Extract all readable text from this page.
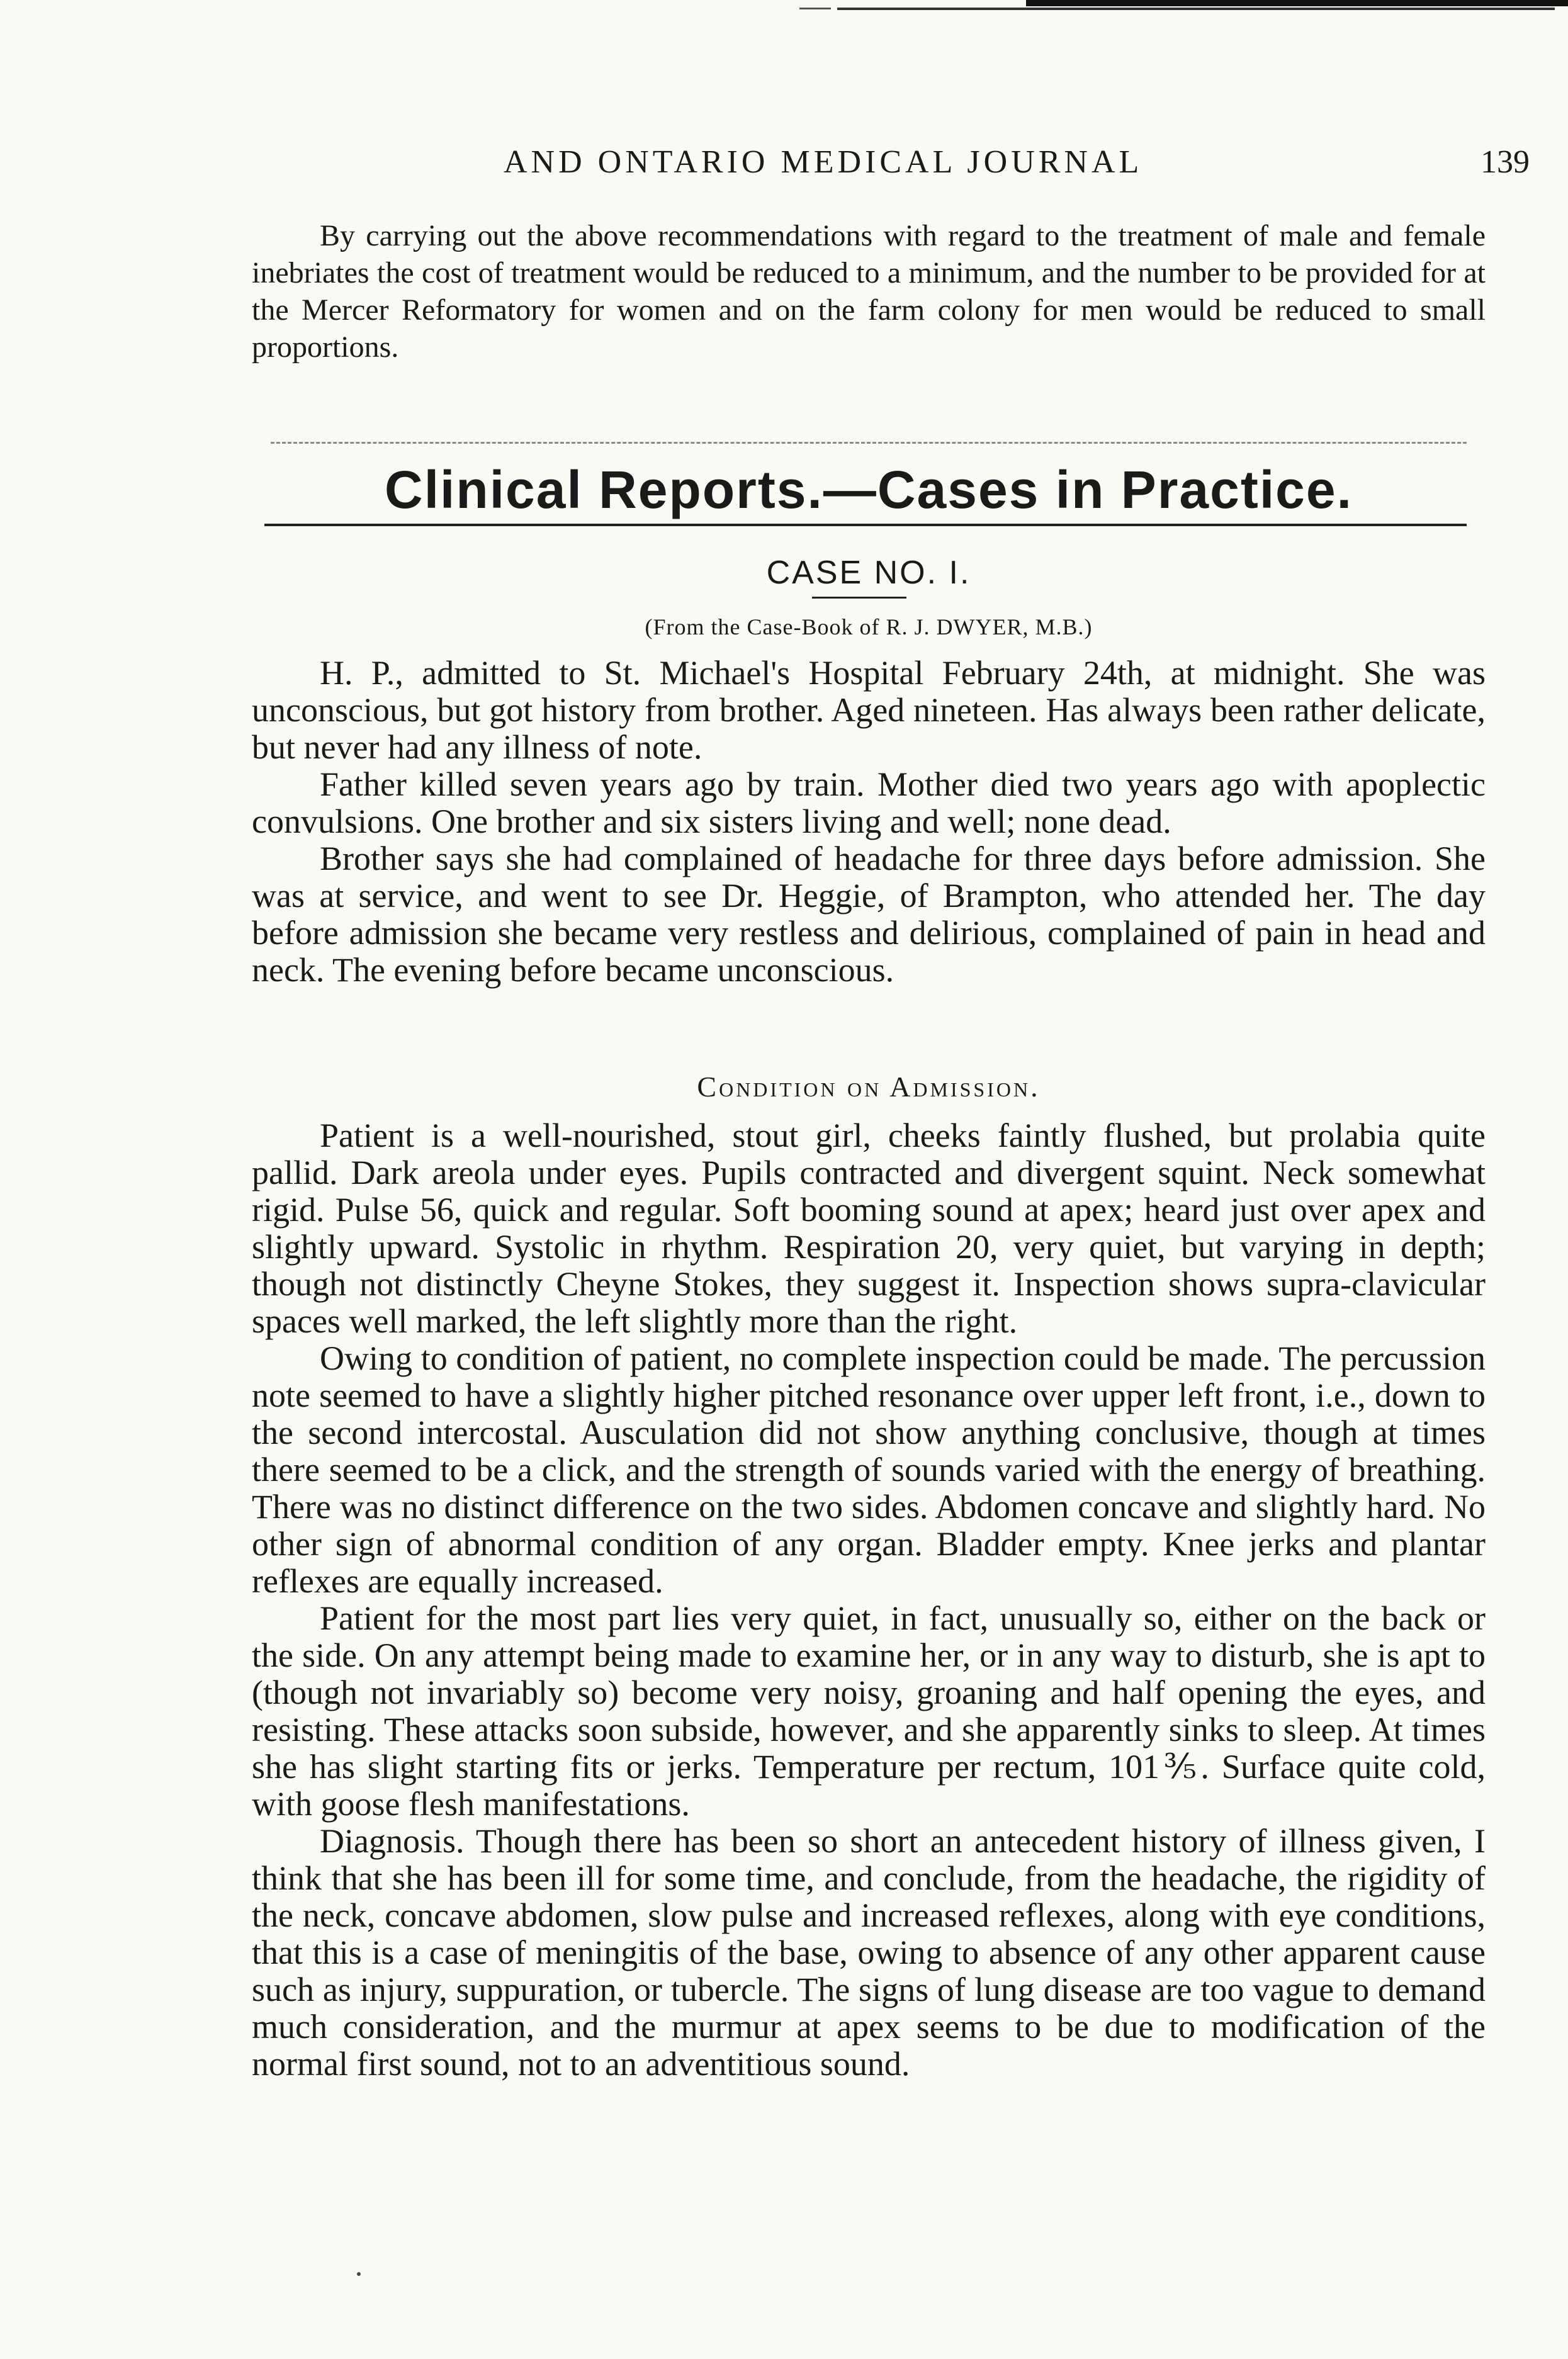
AND ONTARIO MEDICAL JOURNAL	139

By carrying out the above recommendations with regard to the treatment of male and female inebriates the cost of treatment would be reduced to a minimum, and the number to be provided for at the Mercer Reformatory for women and on the farm colony for men would be reduced to small proportions.

Clinical Reports.—Cases in Practice.
CASE NO. I.
(From the Case-Book of R. J. DWYER, M.B.)

H. P., admitted to St. Michael's Hospital February 24th, at midnight. She was unconscious, but got history from brother. Aged nineteen. Has always been rather delicate, but never had any illness of note.

Father killed seven years ago by train. Mother died two years ago with apoplectic convulsions. One brother and six sisters living and well; none dead.

Brother says she had complained of headache for three days before admission. She was at service, and went to see Dr. Heggie, of Brampton, who attended her. The day before admission she became very restless and delirious, complained of pain in head and neck. The evening before became unconscious.

Condition on Admission.

Patient is a well-nourished, stout girl, cheeks faintly flushed, but prolabia quite pallid. Dark areola under eyes. Pupils contracted and divergent squint. Neck somewhat rigid. Pulse 56, quick and regular. Soft booming sound at apex; heard just over apex and slightly upward. Systolic in rhythm. Respiration 20, very quiet, but varying in depth; though not distinctly Cheyne Stokes, they suggest it. Inspection shows supra-clavicular spaces well marked, the left slightly more than the right.

Owing to condition of patient, no complete inspection could be made. The percussion note seemed to have a slightly higher pitched resonance over upper left front, i.e., down to the second intercostal. Ausculation did not show anything conclusive, though at times there seemed to be a click, and the strength of sounds varied with the energy of breathing. There was no distinct difference on the two sides. Abdomen concave and slightly hard. No other sign of abnormal condition of any organ. Bladder empty. Knee jerks and plantar reflexes are equally increased.

Patient for the most part lies very quiet, in fact, unusually so, either on the back or the side. On any attempt being made to examine her, or in any way to disturb, she is apt to (though not invariably so) become very noisy, groaning and half opening the eyes, and resisting. These attacks soon subside, however, and she apparently sinks to sleep. At times she has slight starting fits or jerks. Temperature per rectum, 101⅗. Surface quite cold, with goose flesh manifestations.

Diagnosis. Though there has been so short an antecedent history of illness given, I think that she has been ill for some time, and conclude, from the headache, the rigidity of the neck, concave abdomen, slow pulse and increased reflexes, along with eye conditions, that this is a case of meningitis of the base, owing to absence of any other apparent cause such as injury, suppuration, or tubercle. The signs of lung disease are too vague to demand much consideration, and the murmur at apex seems to be due to modification of the normal first sound, not to an adventitious sound.
